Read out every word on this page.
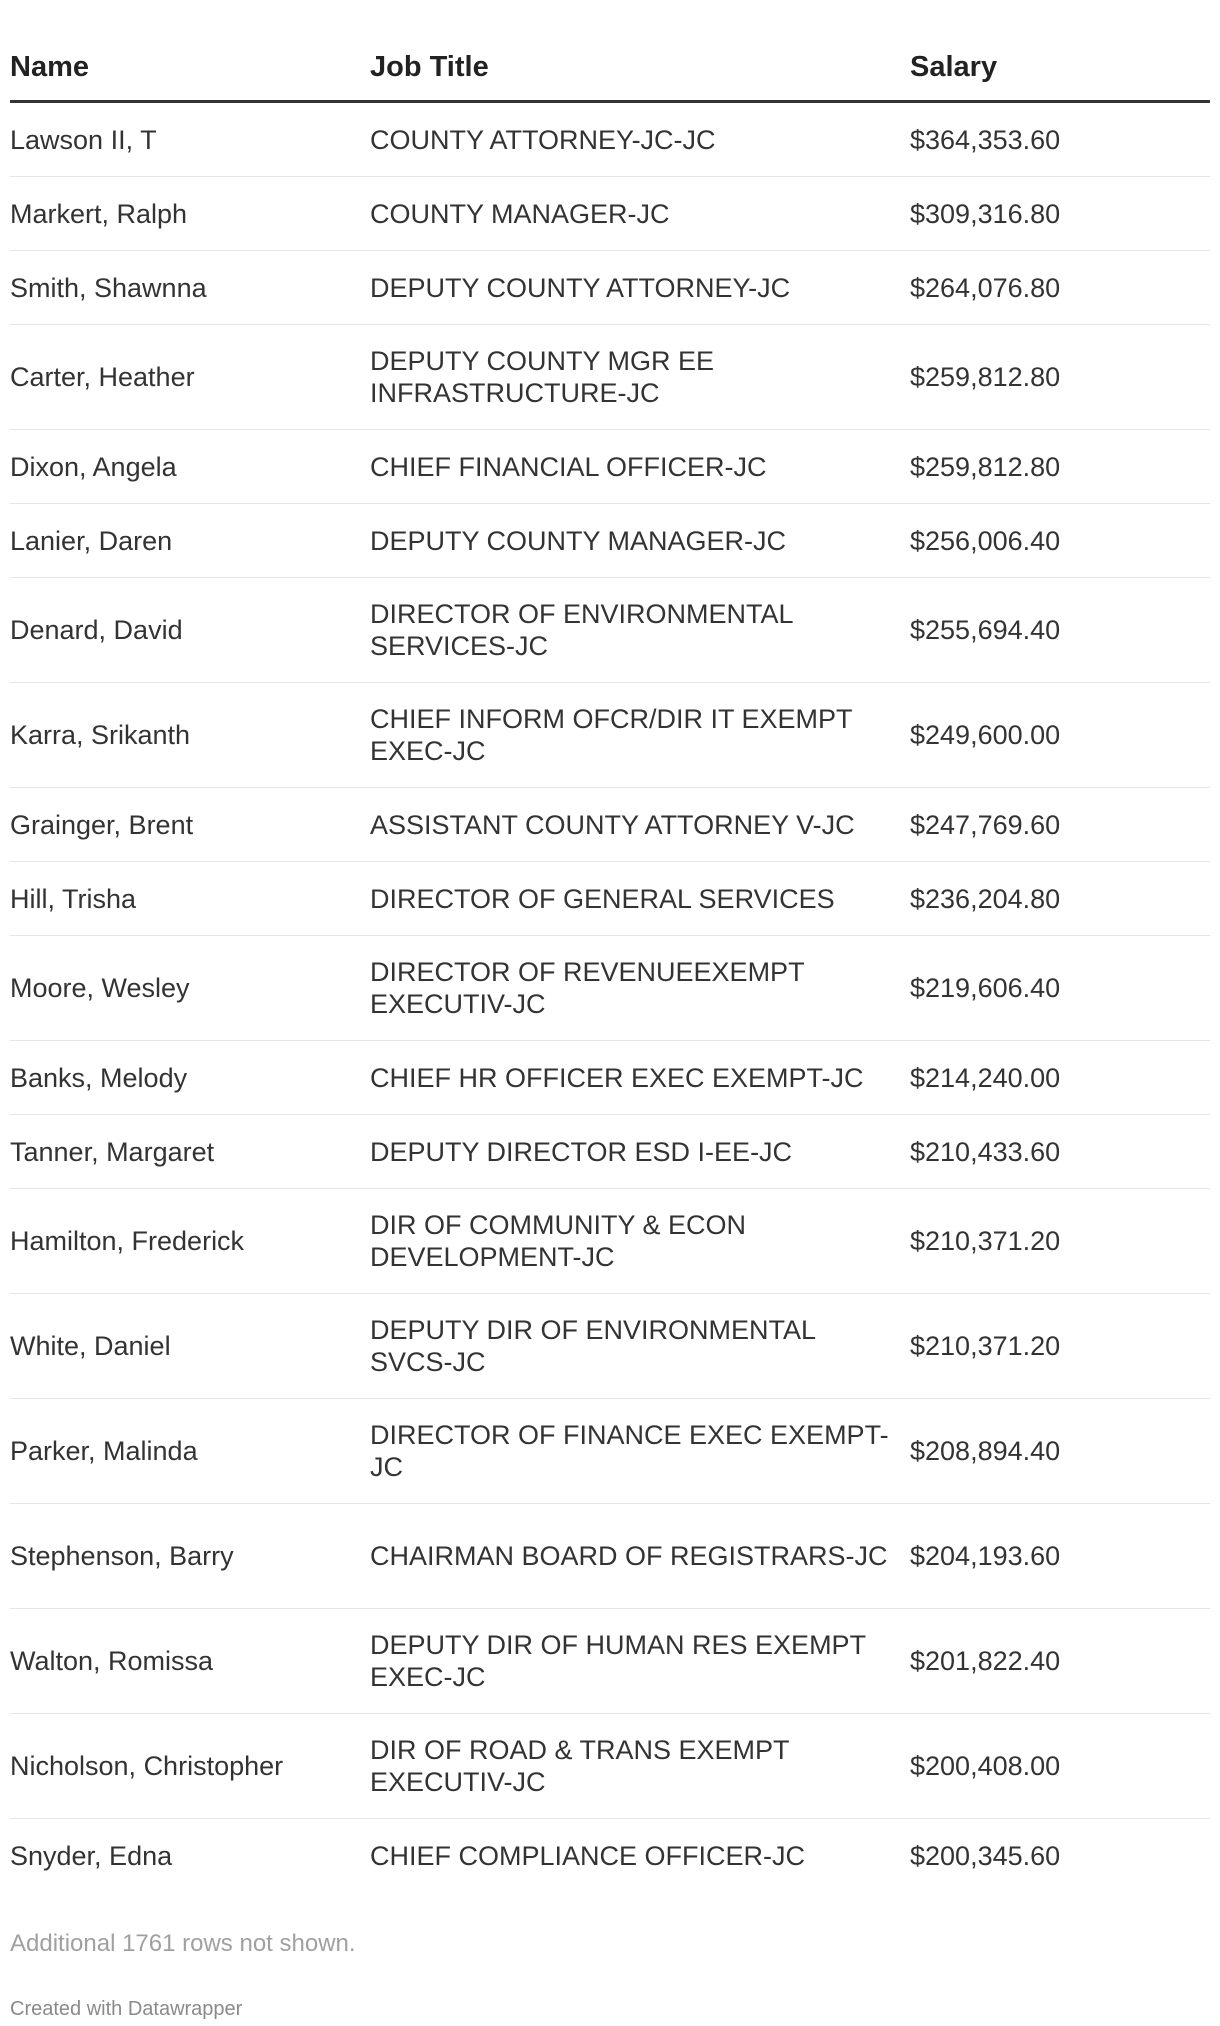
Name	Job Title	Salary
Lawson II, T	COUNTY ATTORNEY-JC-JC	$364,353.60
Markert, Ralph	COUNTY MANAGER-JC	$309,316.80
Smith, Shawnna	DEPUTY COUNTY ATTORNEY-JC	$264,076.80
Carter, Heather	DEPUTY COUNTY MGR EE INFRASTRUCTURE-JC	$259,812.80
Dixon, Angela	CHIEF FINANCIAL OFFICER-JC	$259,812.80
Lanier, Daren	DEPUTY COUNTY MANAGER-JC	$256,006.40
Denard, David	DIRECTOR OF ENVIRONMENTAL SERVICES-JC	$255,694.40
Karra, Srikanth	CHIEF INFORM OFCR/DIR IT EXEMPT EXEC-JC	$249,600.00
Grainger, Brent	ASSISTANT COUNTY ATTORNEY V-JC	$247,769.60
Hill, Trisha	DIRECTOR OF GENERAL SERVICES	$236,204.80
Moore, Wesley	DIRECTOR OF REVENUEEXEMPT EXECUTIV-JC	$219,606.40
Banks, Melody	CHIEF HR OFFICER EXEC EXEMPT-JC	$214,240.00
Tanner, Margaret	DEPUTY DIRECTOR ESD I-EE-JC	$210,433.60
Hamilton, Frederick	DIR OF COMMUNITY & ECON DEVELOPMENT-JC	$210,371.20
White, Daniel	DEPUTY DIR OF ENVIRONMENTAL SVCS-JC	$210,371.20
Parker, Malinda	DIRECTOR OF FINANCE EXEC EXEMPT-JC	$208,894.40
Stephenson, Barry	CHAIRMAN BOARD OF REGISTRARS-JC	$204,193.60
Walton, Romissa	DEPUTY DIR OF HUMAN RES EXEMPT EXEC-JC	$201,822.40
Nicholson, Christopher	DIR OF ROAD & TRANS EXEMPT EXECUTIV-JC	$200,408.00
Snyder, Edna	CHIEF COMPLIANCE OFFICER-JC	$200,345.60
Additional 1761 rows not shown.
Created with Datawrapper
